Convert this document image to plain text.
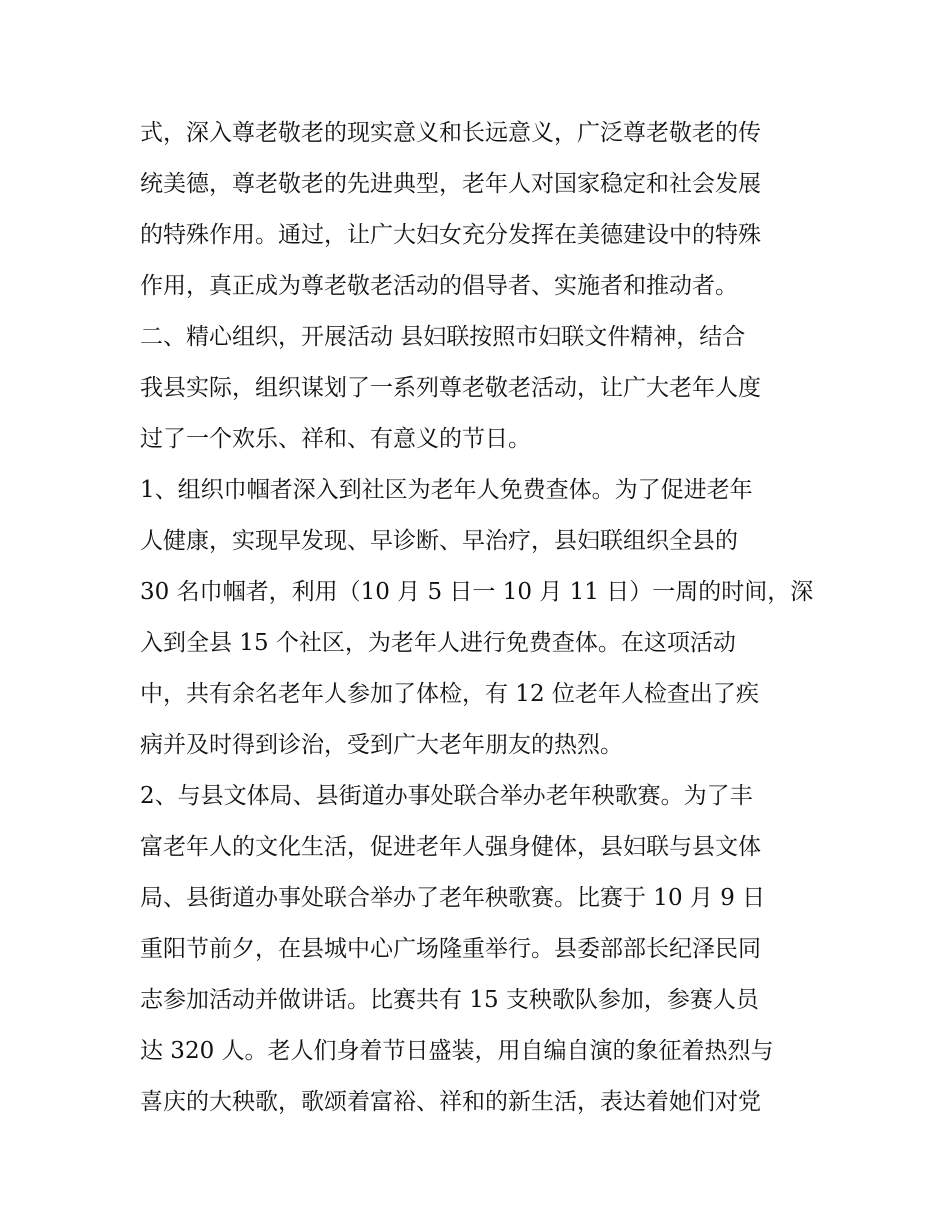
式，深入尊老敬老的现实意义和长远意义，广泛尊老敬老的传
统美德，尊老敬老的先进典型，老年人对国家稳定和社会发展
的特殊作用。通过，让广大妇女充分发挥在美德建设中的特殊
作用，真正成为尊老敬老活动的倡导者、实施者和推动者。
二、精心组织，开展活动 县妇联按照市妇联文件精神，结合
我县实际，组织谋划了一系列尊老敬老活动，让广大老年人度
过了一个欢乐、祥和、有意义的节日。
1、组织巾帼者深入到社区为老年人免费查体。为了促进老年
人健康，实现早发现、早诊断、早治疗，县妇联组织全县的
30 名巾帼者，利用（10 月 5 日一 10 月 11 日）一周的时间，深
入到全县 15 个社区，为老年人进行免费查体。在这项活动
中，共有余名老年人参加了体检，有 12 位老年人检查出了疾
病并及时得到诊治，受到广大老年朋友的热烈。
2、与县文体局、县街道办事处联合举办老年秧歌赛。为了丰
富老年人的文化生活，促进老年人强身健体，县妇联与县文体
局、县街道办事处联合举办了老年秧歌赛。比赛于 10 月 9 日
重阳节前夕，在县城中心广场隆重举行。县委部部长纪泽民同
志参加活动并做讲话。比赛共有 15 支秧歌队参加，参赛人员
达 320 人。老人们身着节日盛装，用自编自演的象征着热烈与
喜庆的大秧歌，歌颂着富裕、祥和的新生活，表达着她们对党
